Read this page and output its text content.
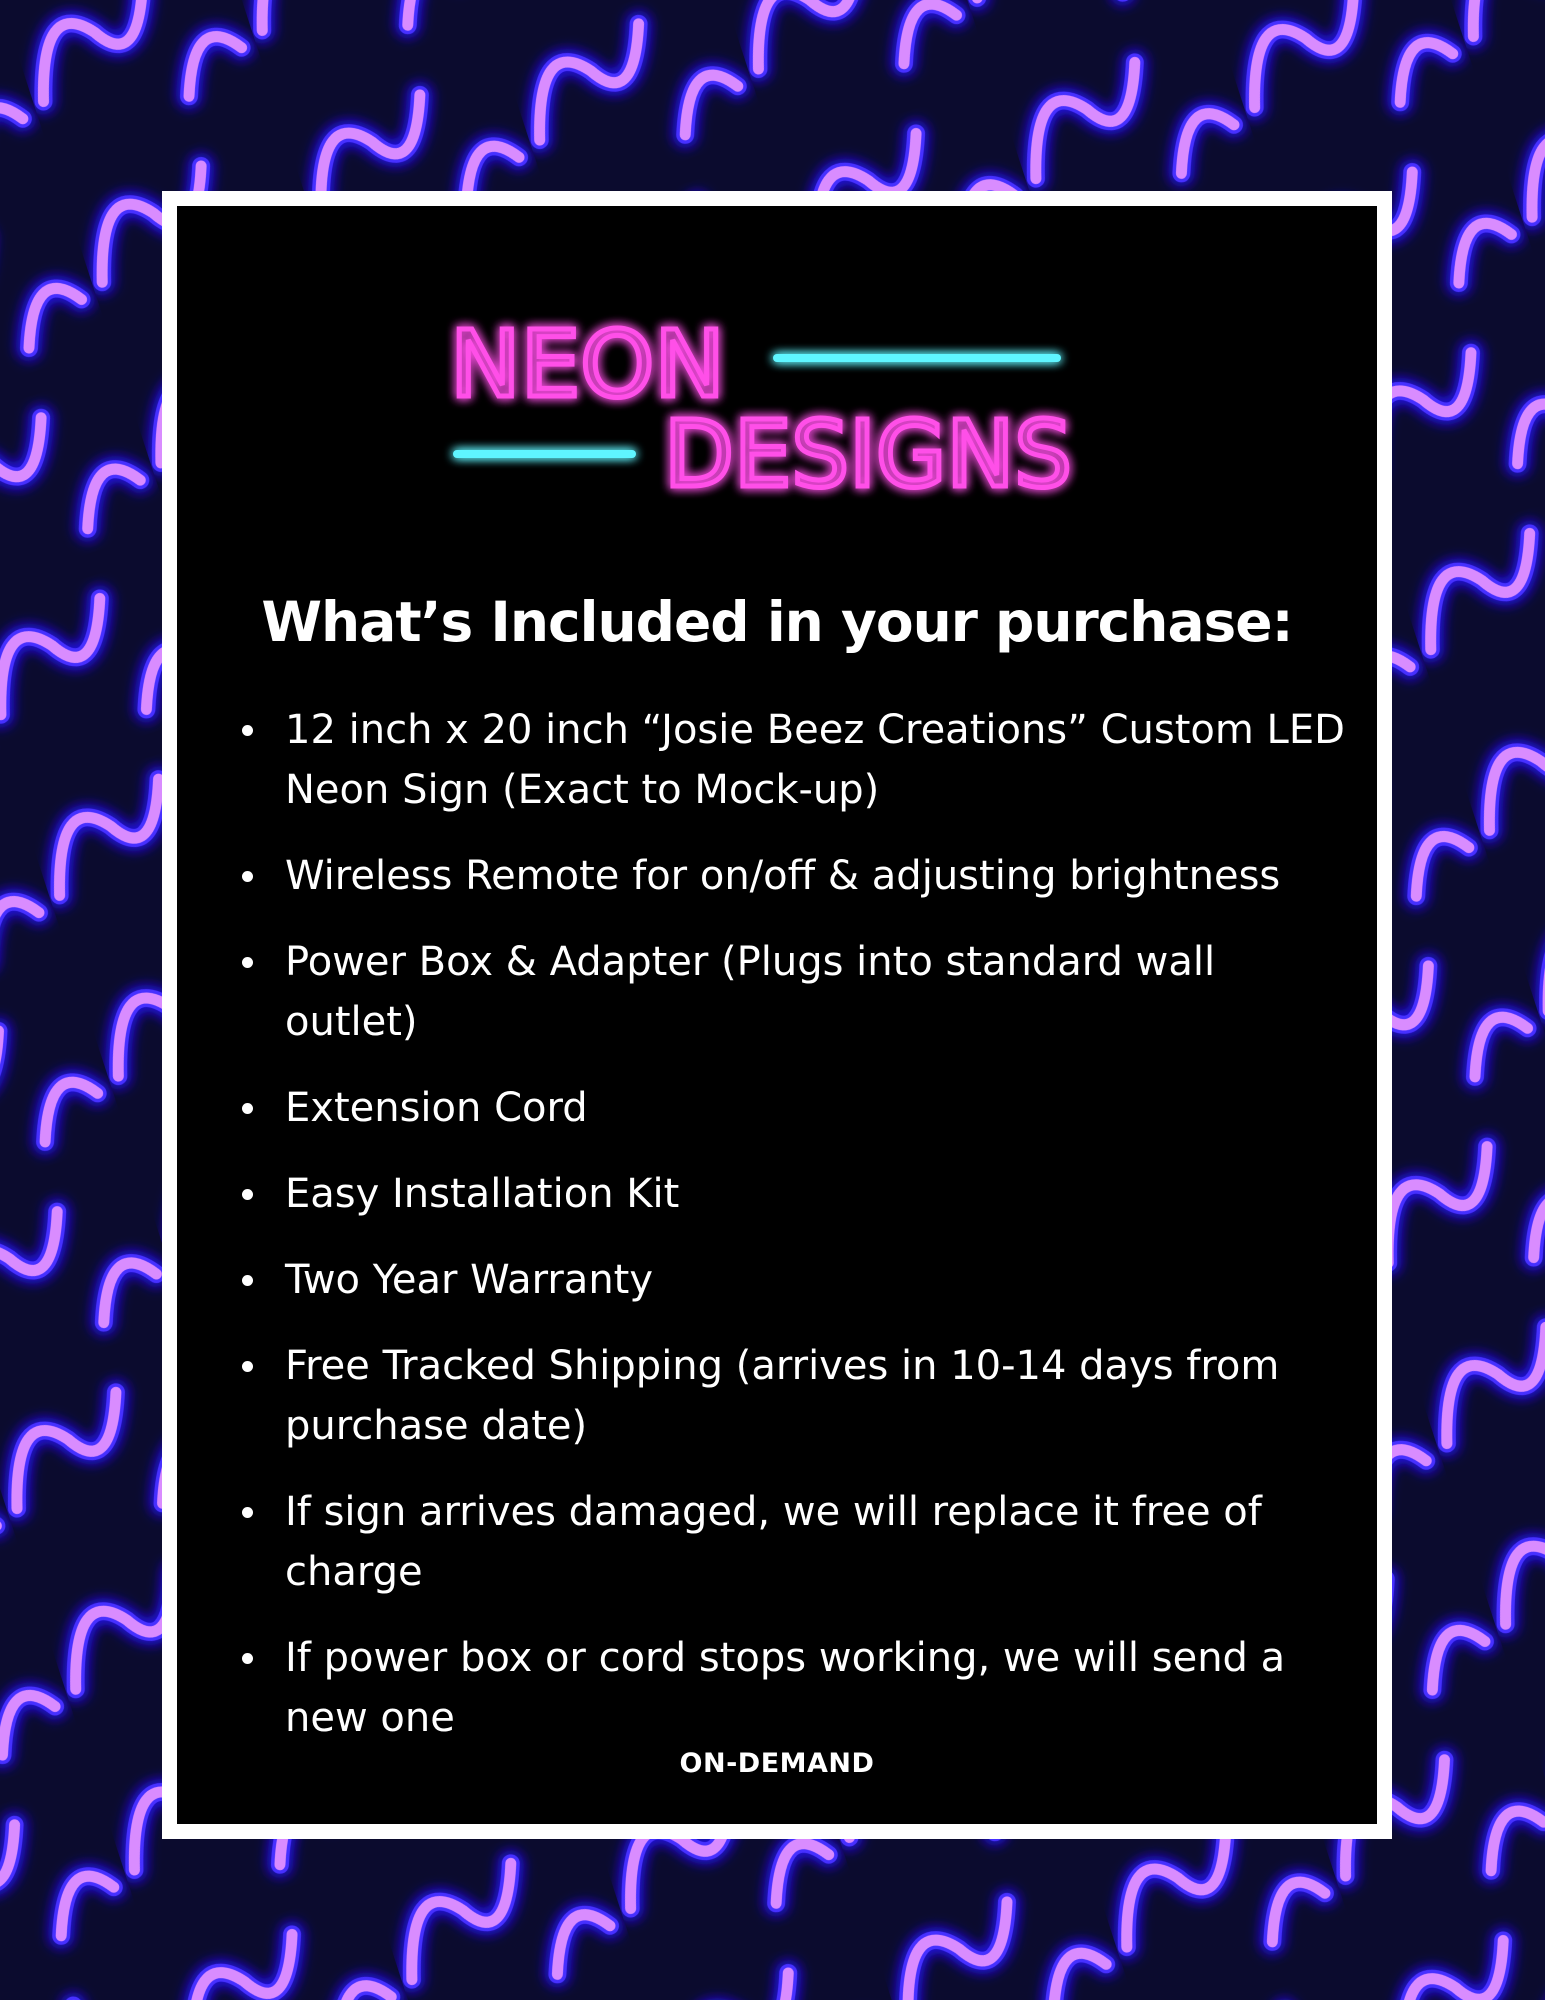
NEON
DESIGNS
What’s Included in your purchase:
12 inch x 20 inch “Josie Beez Creations” Custom LED Neon Sign (Exact to Mock-up)
Wireless Remote for on/off & adjusting brightness
Power Box & Adapter (Plugs into standard wall outlet)
Extension Cord
Easy Installation Kit
Two Year Warranty
Free Tracked Shipping (arrives in 10-14 days from purchase date)
If sign arrives damaged, we will replace it free of charge
If power box or cord stops working, we will send a new one
ON-DEMAND
